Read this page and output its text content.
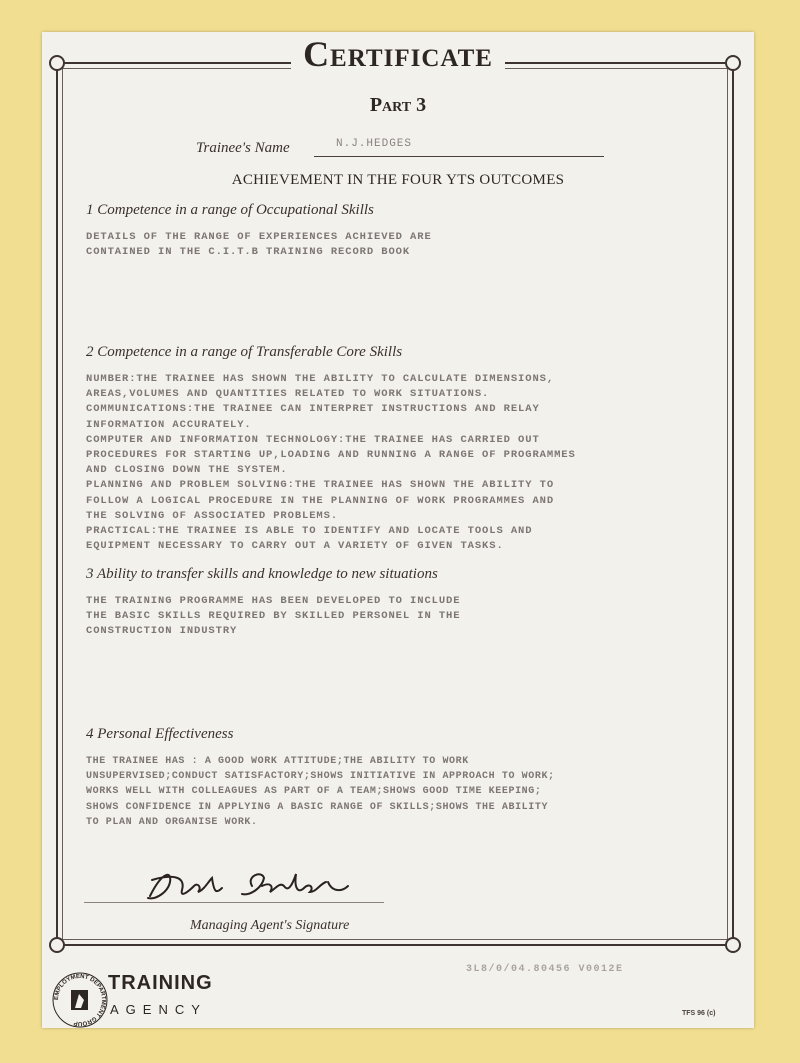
Certificate
Part 3
Trainee's Name	N.J.HEDGES
ACHIEVEMENT IN THE FOUR YTS OUTCOMES
1 Competence in a range of Occupational Skills
DETAILS OF THE RANGE OF EXPERIENCES ACHIEVED ARE
CONTAINED IN THE C.I.T.B TRAINING RECORD BOOK
2 Competence in a range of Transferable Core Skills
NUMBER:THE TRAINEE HAS SHOWN THE ABILITY TO CALCULATE DIMENSIONS,
AREAS,VOLUMES AND QUANTITIES RELATED TO WORK SITUATIONS.
COMMUNICATIONS:THE TRAINEE CAN INTERPRET INSTRUCTIONS AND RELAY
INFORMATION ACCURATELY.
COMPUTER AND INFORMATION TECHNOLOGY:THE TRAINEE HAS CARRIED OUT
PROCEDURES FOR STARTING UP,LOADING AND RUNNING A RANGE OF PROGRAMMES
AND CLOSING DOWN THE SYSTEM.
PLANNING AND PROBLEM SOLVING:THE TRAINEE HAS SHOWN THE ABILITY TO
FOLLOW A LOGICAL PROCEDURE IN THE PLANNING OF WORK PROGRAMMES AND
THE SOLVING OF ASSOCIATED PROBLEMS.
PRACTICAL:THE TRAINEE IS ABLE TO IDENTIFY AND LOCATE TOOLS AND
EQUIPMENT NECESSARY TO CARRY OUT A VARIETY OF GIVEN TASKS.
3 Ability to transfer skills and knowledge to new situations
THE TRAINING PROGRAMME HAS BEEN DEVELOPED TO INCLUDE
THE BASIC SKILLS REQUIRED BY SKILLED PERSONEL IN THE
CONSTRUCTION INDUSTRY
4 Personal Effectiveness
THE TRAINEE HAS : A GOOD WORK ATTITUDE;THE ABILITY TO WORK
UNSUPERVISED;CONDUCT SATISFACTORY;SHOWS INITIATIVE IN APPROACH TO WORK;
WORKS WELL WITH COLLEAGUES AS PART OF A TEAM;SHOWS GOOD TIME KEEPING;
SHOWS CONFIDENCE IN APPLYING A BASIC RANGE OF SKILLS;SHOWS THE ABILITY
TO PLAN AND ORGANISE WORK.
Managing Agent's Signature
EMPLOYMENT DEPARTMENT GROUP
TRAINING
AGENCY
3L8/0/04.80456 V0012E
TFS 96 (c)
